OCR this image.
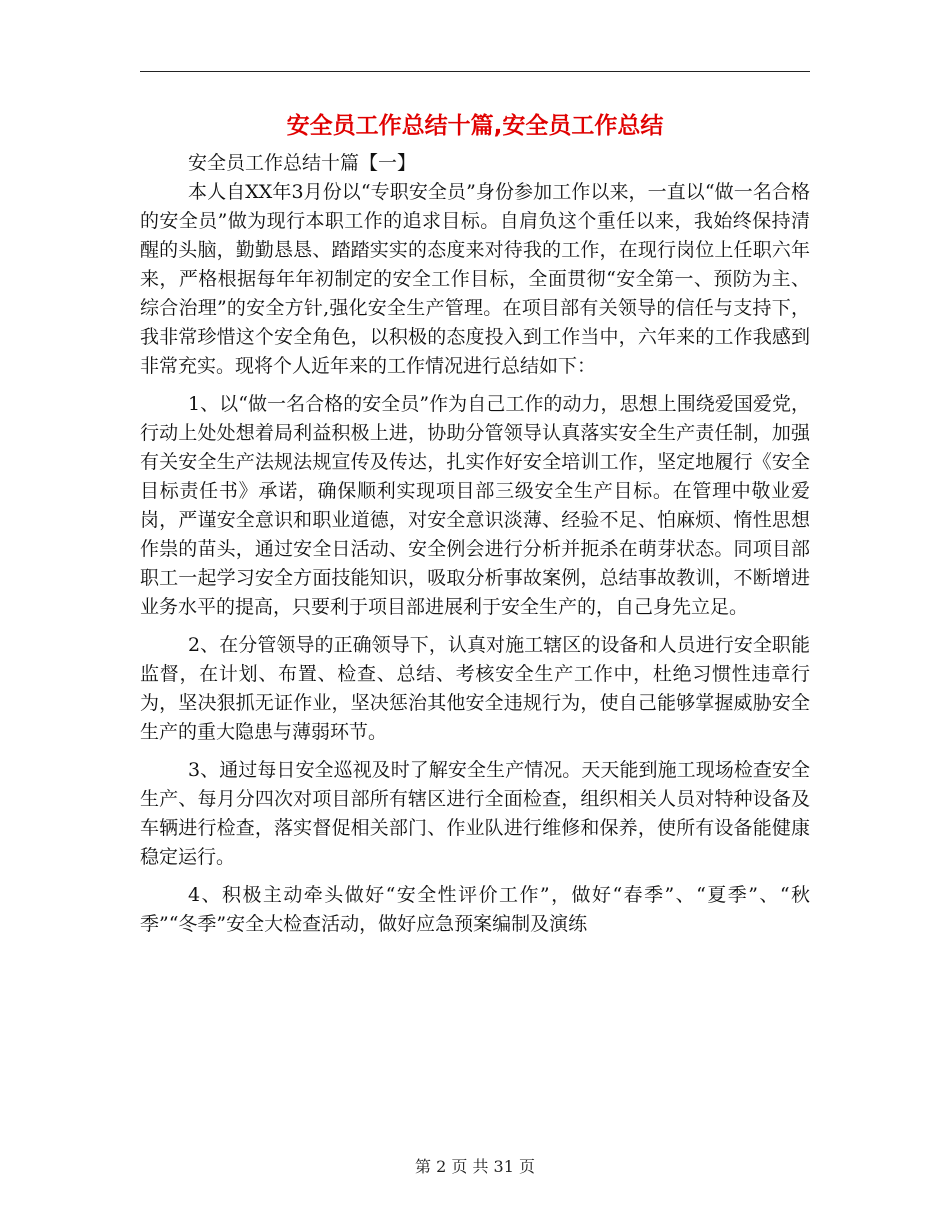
安全员工作总结十篇,安全员工作总结

安全员工作总结十篇【一】

本人自XX年3月份以“专职安全员”身份参加工作以来，一直以“做一名合格的安全员”做为现行本职工作的追求目标。自肩负这个重任以来，我始终保持清醒的头脑，勤勤恳恳、踏踏实实的态度来对待我的工作，在现行岗位上任职六年来，严格根据每年年初制定的安全工作目标，全面贯彻“安全第一、预防为主、综合治理”的安全方针,强化安全生产管理。在项目部有关领导的信任与支持下，我非常珍惜这个安全角色，以积极的态度投入到工作当中，六年来的工作我感到非常充实。现将个人近年来的工作情况进行总结如下：

1、以“做一名合格的安全员”作为自己工作的动力，思想上围绕爱国爱党，行动上处处想着局利益积极上进，协助分管领导认真落实安全生产责任制，加强有关安全生产法规法规宣传及传达，扎实作好安全培训工作，坚定地履行《安全目标责任书》承诺，确保顺利实现项目部三级安全生产目标。在管理中敬业爱岗，严谨安全意识和职业道德，对安全意识淡薄、经验不足、怕麻烦、惰性思想作祟的苗头，通过安全日活动、安全例会进行分析并扼杀在萌芽状态。同项目部职工一起学习安全方面技能知识，吸取分析事故案例，总结事故教训，不断增进业务水平的提高，只要利于项目部进展利于安全生产的，自己身先立足。

2、在分管领导的正确领导下，认真对施工辖区的设备和人员进行安全职能监督，在计划、布置、检查、总结、考核安全生产工作中，杜绝习惯性违章行为，坚决狠抓无证作业，坚决惩治其他安全违规行为，使自己能够掌握威胁安全生产的重大隐患与薄弱环节。

3、通过每日安全巡视及时了解安全生产情况。天天能到施工现场检查安全生产、每月分四次对项目部所有辖区进行全面检查，组织相关人员对特种设备及车辆进行检查，落实督促相关部门、作业队进行维修和保养，使所有设备能健康稳定运行。

4、积极主动牵头做好“安全性评价工作”，做好“春季”、“夏季”、“秋季”“冬季”安全大检查活动，做好应急预案编制及演练

第 2 页 共 31 页
